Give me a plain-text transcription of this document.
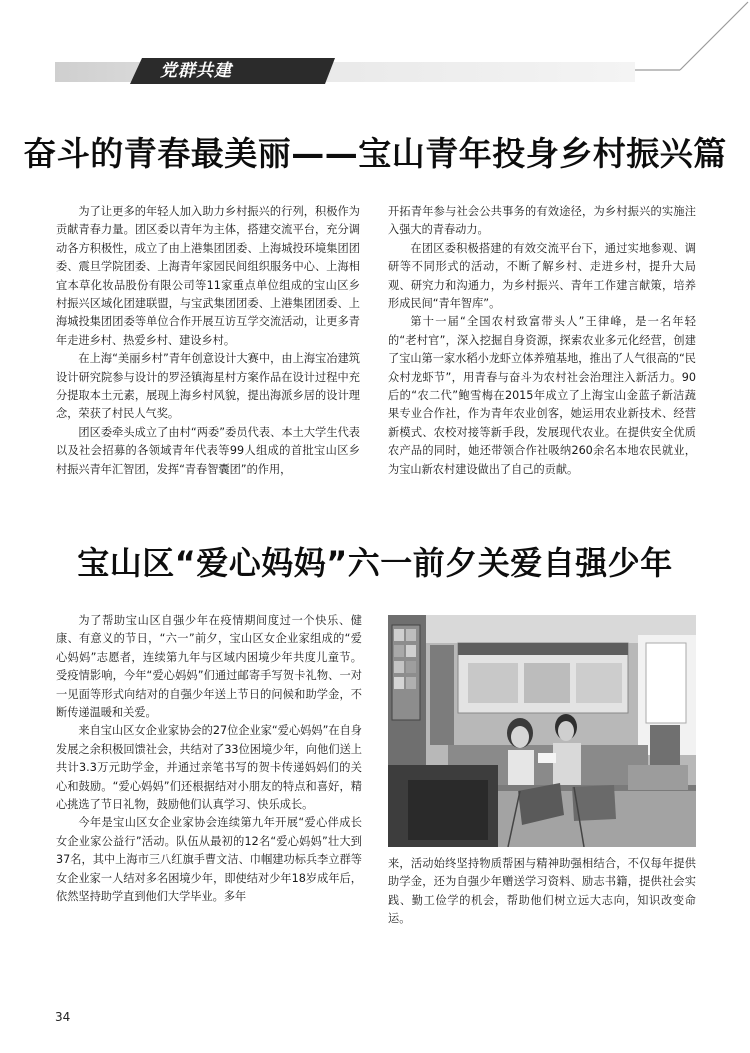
党群共建
奋斗的青春最美丽——宝山青年投身乡村振兴篇

为了让更多的年轻人加入助力乡村振兴的行列，积极作为贡献青春力量。团区委以青年为主体，搭建交流平台，充分调动各方积极性，成立了由上港集团团委、上海城投环境集团团委、震旦学院团委、上海青年家园民间组织服务中心、上海相宜本草化妆品股份有限公司等11家重点单位组成的宝山区乡村振兴区域化团建联盟，与宝武集团团委、上港集团团委、上海城投集团团委等单位合作开展互访互学交流活动，让更多青年走进乡村、热爱乡村、建设乡村。

在上海“美丽乡村”青年创意设计大赛中，由上海宝冶建筑设计研究院参与设计的罗泾镇海星村方案作品在设计过程中充分提取本土元素，展现上海乡村风貌，提出海派乡居的设计理念，荣获了村民人气奖。

团区委牵头成立了由村“两委”委员代表、本土大学生代表以及社会招募的各领域青年代表等99人组成的首批宝山区乡村振兴青年汇智团，发挥“青春智囊团”的作用，

开拓青年参与社会公共事务的有效途径，为乡村振兴的实施注入强大的青春动力。

在团区委积极搭建的有效交流平台下，通过实地参观、调研等不同形式的活动，不断了解乡村、走进乡村，提升大局观、研究力和沟通力，为乡村振兴、青年工作建言献策，培养形成民间“青年智库”。

第十一届“全国农村致富带头人”王律峰，是一名年轻的“老村官”，深入挖掘自身资源，探索农业多元化经营，创建了宝山第一家水稻小龙虾立体养殖基地，推出了人气很高的“民众村龙虾节”，用青春与奋斗为农村社会治理注入新活力。90后的“农二代”鲍雪梅在2015年成立了上海宝山金蓝子新洁蔬果专业合作社，作为青年农业创客，她运用农业新技术、经营新模式、农校对接等新手段，发展现代农业。在提供安全优质农产品的同时，她还带领合作社吸纳260余名本地农民就业，为宝山新农村建设做出了自己的贡献。

宝山区“爱心妈妈”六一前夕关爱自强少年

为了帮助宝山区自强少年在疫情期间度过一个快乐、健康、有意义的节日，“六一”前夕，宝山区女企业家组成的“爱心妈妈”志愿者，连续第九年与区域内困境少年共度儿童节。受疫情影响，今年“爱心妈妈”们通过邮寄手写贺卡礼物、一对一见面等形式向结对的自强少年送上节日的问候和助学金，不断传递温暖和关爱。

来自宝山区女企业家协会的27位企业家“爱心妈妈”在自身发展之余积极回馈社会，共结对了33位困境少年，向他们送上共计3.3万元助学金，并通过亲笔书写的贺卡传递妈妈们的关心和鼓励。“爱心妈妈”们还根据结对小朋友的特点和喜好，精心挑选了节日礼物，鼓励他们认真学习、快乐成长。

今年是宝山区女企业家协会连续第九年开展“爱心伴成长 女企业家公益行”活动。队伍从最初的12名“爱心妈妈”壮大到37名，其中上海市三八红旗手曹文洁、巾帼建功标兵李立群等女企业家一人结对多名困境少年，即使结对少年18岁成年后，依然坚持助学直到他们大学毕业。多年

来，活动始终坚持物质帮困与精神助强相结合，不仅每年提供助学金，还为自强少年赠送学习资料、励志书籍，提供社会实践、勤工俭学的机会，帮助他们树立远大志向，知识改变命运。

34
